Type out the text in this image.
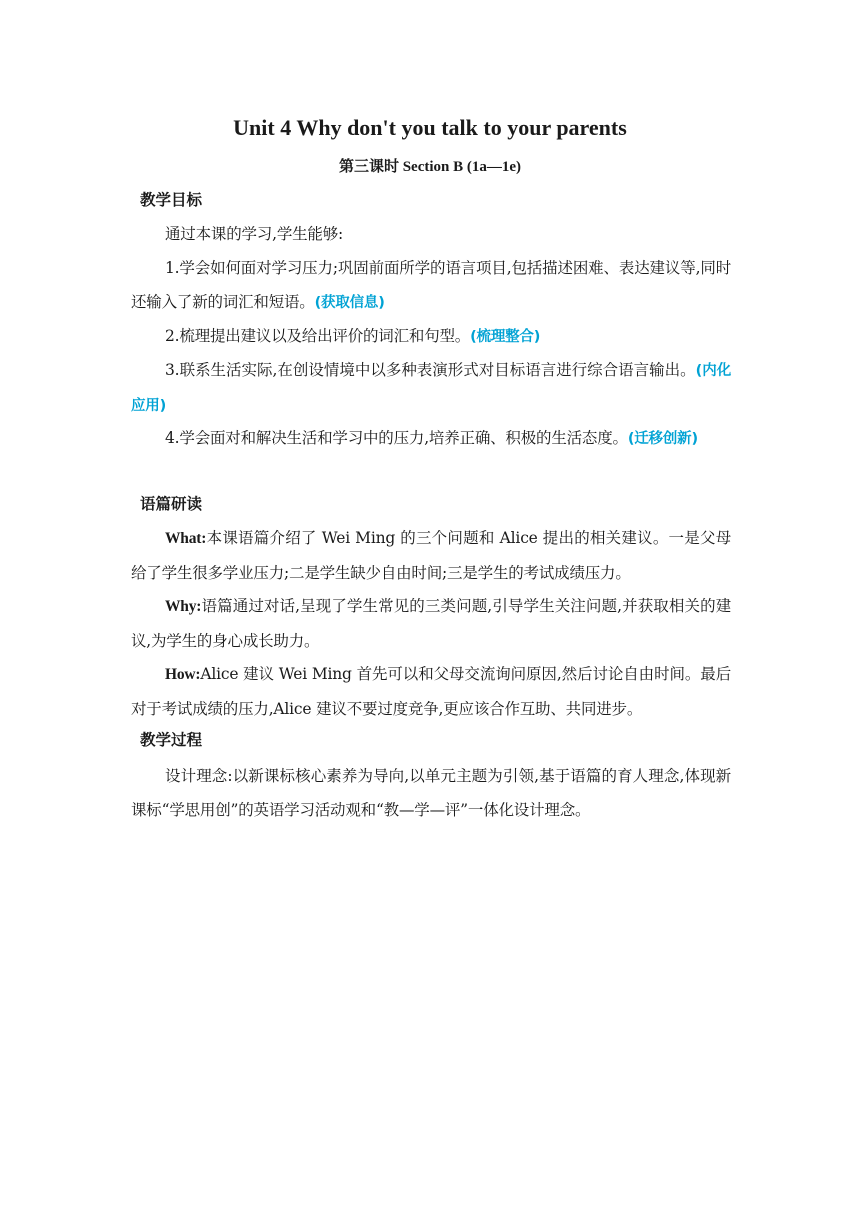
Unit 4 Why don't you talk to your parents
第三课时 Section B (1a—1e)
教学目标
通过本课的学习,学生能够:
1.学会如何面对学习压力;巩固前面所学的语言项目,包括描述困难、表达建议等,同时还输入了新的词汇和短语。(获取信息)
2.梳理提出建议以及给出评价的词汇和句型。(梳理整合)
3.联系生活实际,在创设情境中以多种表演形式对目标语言进行综合语言输出。(内化应用)
4.学会面对和解决生活和学习中的压力,培养正确、积极的生活态度。(迁移创新)
语篇研读
What:本课语篇介绍了 Wei Ming 的三个问题和 Alice 提出的相关建议。一是父母给了学生很多学业压力;二是学生缺少自由时间;三是学生的考试成绩压力。
Why:语篇通过对话,呈现了学生常见的三类问题,引导学生关注问题,并获取相关的建议,为学生的身心成长助力。
How:Alice 建议 Wei Ming 首先可以和父母交流询问原因,然后讨论自由时间。最后对于考试成绩的压力,Alice 建议不要过度竞争,更应该合作互助、共同进步。
教学过程
设计理念:以新课标核心素养为导向,以单元主题为引领,基于语篇的育人理念,体现新课标“学思用创”的英语学习活动观和“教—学—评”一体化设计理念。
